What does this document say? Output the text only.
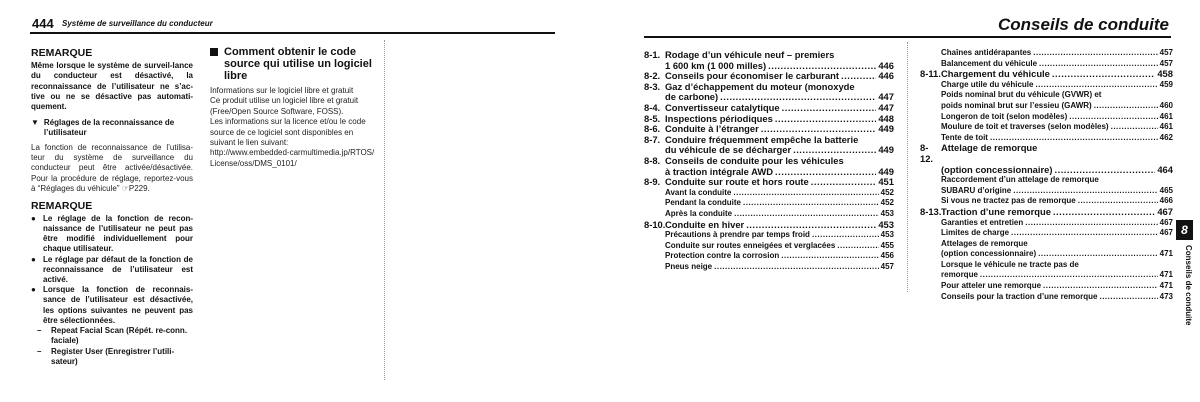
444 Système de surveillance du conducteur
REMARQUE
Même lorsque le système de surveil-lance du conducteur est désactivé, la reconnaissance de l’utilisateur ne s’ac-tive ou ne se désactive pas automati-quement.
▼ Réglages de la reconnaissance de l’utilisateur
La fonction de reconnaissance de l’utilisa-teur du système de surveillance du conducteur peut être activée/désactivée. Pour la procédure de réglage, reportez-vous à “Réglages du véhicule” ☞P229.
REMARQUE
● Le réglage de la fonction de recon-naissance de l’utilisateur ne peut pas être modifié individuellement pour chaque utilisateur.
● Le réglage par défaut de la fonction de reconnaissance de l’utilisateur est activé.
● Lorsque la fonction de reconnais-sance de l’utilisateur est désactivée, les options suivantes ne peuvent pas être sélectionnées.
–	Repeat Facial Scan (Répét. re-conn. faciale)
–	Register User (Enregistrer l’utili-sateur)
Comment obtenir le code source qui utilise un logiciel libre
Informations sur le logiciel libre et gratuit
Ce produit utilise un logiciel libre et gratuit (Free/Open Source Software, FOSS).
Les informations sur la licence et/ou le code source de ce logiciel sont disponibles en suivant le lien suivant:
http://www.embedded-carmultimedia.jp/RTOS/License/oss/DMS_0101/
Conseils de conduite
8-1. Rodage d’un véhicule neuf – premiers
1 600 km (1 000 milles) .....	446
8-2. Conseils pour économiser le carburant .....	446
8-3. Gaz d’échappement du moteur (monoxyde
de carbone) .....	447
8-4. Convertisseur catalytique .....	447
8-5. Inspections périodiques .....	448
8-6. Conduite à l’étranger .....	449
8-7. Conduire fréquemment empêche la batterie
du véhicule de se décharger .....	449
8-8. Conseils de conduite pour les véhicules
à traction intégrale AWD .....	449
8-9. Conduite sur route et hors route .....	451
Avant la conduite .....	452
Pendant la conduite .....	452
Après la conduite .....	453
8-10. Conduite en hiver .....	453
Précautions à prendre par temps froid .....	453
Conduite sur routes enneigées et verglacées .....	455
Protection contre la corrosion .....	456
Pneus neige .....	457
Chaînes antidérapantes .....	457
Balancement du véhicule .....	457
8-11. Chargement du véhicule .....	458
Charge utile du véhicule .....	459
Poids nominal brut du véhicule (GVWR) et
poids nominal brut sur l’essieu (GAWR) .....	460
Longeron de toit (selon modèles) .....	461
Moulure de toit et traverses (selon modèles) .....	461
Tente de toit .....	462
8-12.
Attelage de remorque
(option concessionnaire) .....	464
Raccordement d’un attelage de remorque
SUBARU d’origine .....	465
Si vous ne tractez pas de remorque .....	466
8-13. Traction d’une remorque .....	467
Garanties et entretien .....	467
Limites de charge .....	467
Attelages de remorque
(option concessionnaire) .....	471
Lorsque le véhicule ne tracte pas de
remorque .....	471
Pour atteler une remorque .....	471
Conseils pour la traction d’une remorque .....	473
8
Conseils de conduite
